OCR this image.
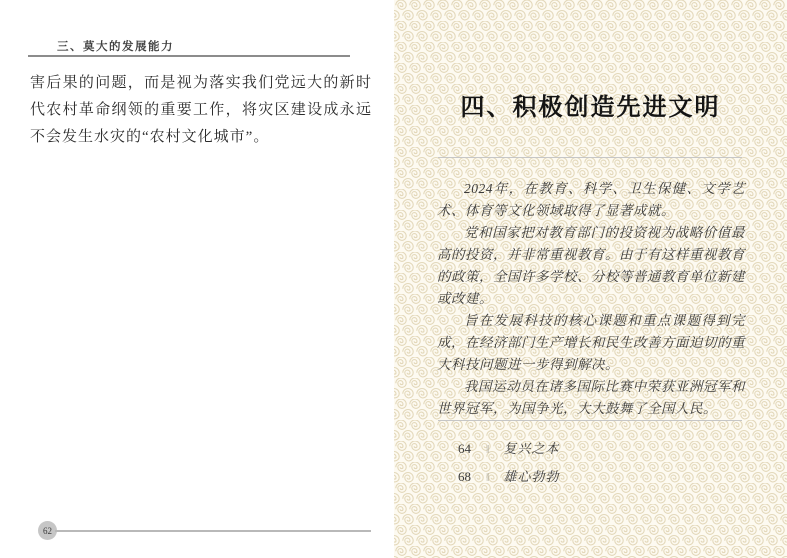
三、莫大的发展能力
害后果的问题，而是视为落实我们党远大的新时代农村革命纲领的重要工作，将灾区建设成永远不会发生水灾的“农村文化城市”。
62
四、积极创造先进文明

2024年，在教育、科学、卫生保健、文学艺术、体育等文化领域取得了显著成就。

党和国家把对教育部门的投资视为战略价值最高的投资，并非常重视教育。由于有这样重视教育的政策，全国许多学校、分校等普通教育单位新建或改建。

旨在发展科技的核心课题和重点课题得到完成，在经济部门生产增长和民生改善方面迫切的重大科技问题进一步得到解决。

我国运动员在诸多国际比赛中荣获亚洲冠军和世界冠军，为国争光，大大鼓舞了全国人民。

64	‖ 复兴之本
68	‖ 雄心勃勃
